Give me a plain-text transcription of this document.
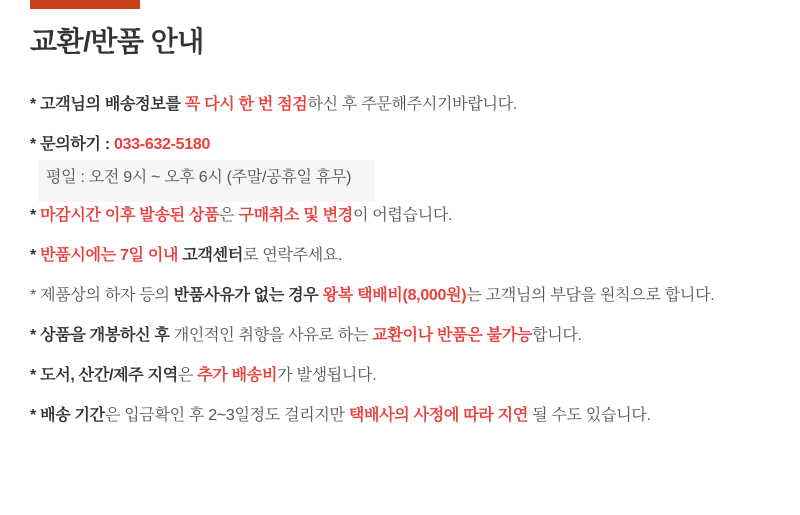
교환/반품 안내

* 고객님의 배송정보를 꼭 다시 한 번 점검하신 후 주문해주시기바랍니다.

* 문의하기 : 033-632-5180

평일 : 오전 9시 ~ 오후 6시 (주말/공휴일 휴무)

* 마감시간 이후 발송된 상품은 구매취소 및 변경이 어렵습니다.

* 반품시에는 7일 이내 고객센터로 연락주세요.

* 제품상의 하자 등의 반품사유가 없는 경우 왕복 택배비(8,000원)는 고객님의 부담을 원칙으로 합니다.

* 상품을 개봉하신 후 개인적인 취향을 사유로 하는 교환이나 반품은 불가능합니다.

* 도서, 산간/제주 지역은 추가 배송비가 발생됩니다.

* 배송 기간은 입금확인 후 2~3일정도 걸리지만 택배사의 사정에 따라 지연 될 수도 있습니다.
